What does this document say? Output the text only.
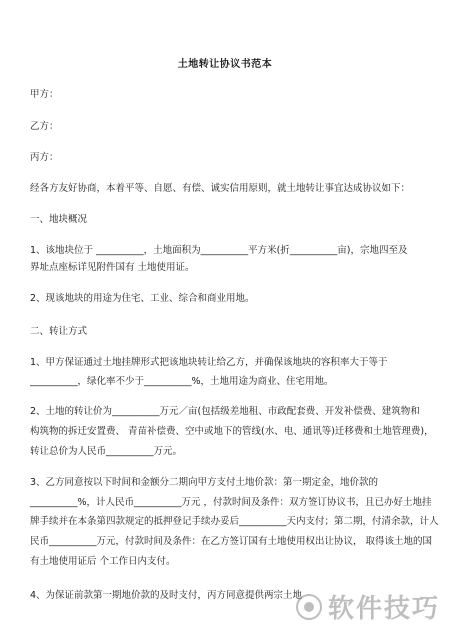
土地转让协议书范本
甲方：
乙方：
丙方：
经各方友好协商，本着平等、自愿、有偿、诚实信用原则，就土地转让事宜达成协议如下：
一、地块概况
1、该地块位于 __________，土地面积为__________平方米(折__________亩)，宗地四至及
界址点座标详见附件国有 土地使用证。
2、现该地块的用途为住宅、工业、综合和商业用地。
二、转让方式
1、甲方保证通过土地挂牌形式把该地块转让给乙方，并确保该地块的容积率大于等于
__________，绿化率不少于__________%，土地用途为商业、住宅用地。
2、土地的转让价为__________万元／亩(包括级差地租、市政配套费、开发补偿费、建筑物和
构筑物的拆迁安置费、 青苗补偿费、空中或地下的管线(水、电、通讯等)迁移费和土地管理费)，
转让总价为人民币__________万元。
3、乙方同意按以下时间和金额分二期向甲方支付土地价款：第一期定金，地价款的
__________%，计人民币__________万元 ，付款时间及条件：双方签订协议书，且已办好土地挂
牌手续并在本条第四款规定的抵押登记手续办妥后__________天内支付；第二期，付清余款，计人
民币__________万元，付款时间及条件：在乙方签订国有土地使用权出让协议， 取得该土地的国
有土地使用证后 个工作日内支付。
4、为保证前款第一期地价款的及时支付，丙方同意提供两宗土地 软件技巧
